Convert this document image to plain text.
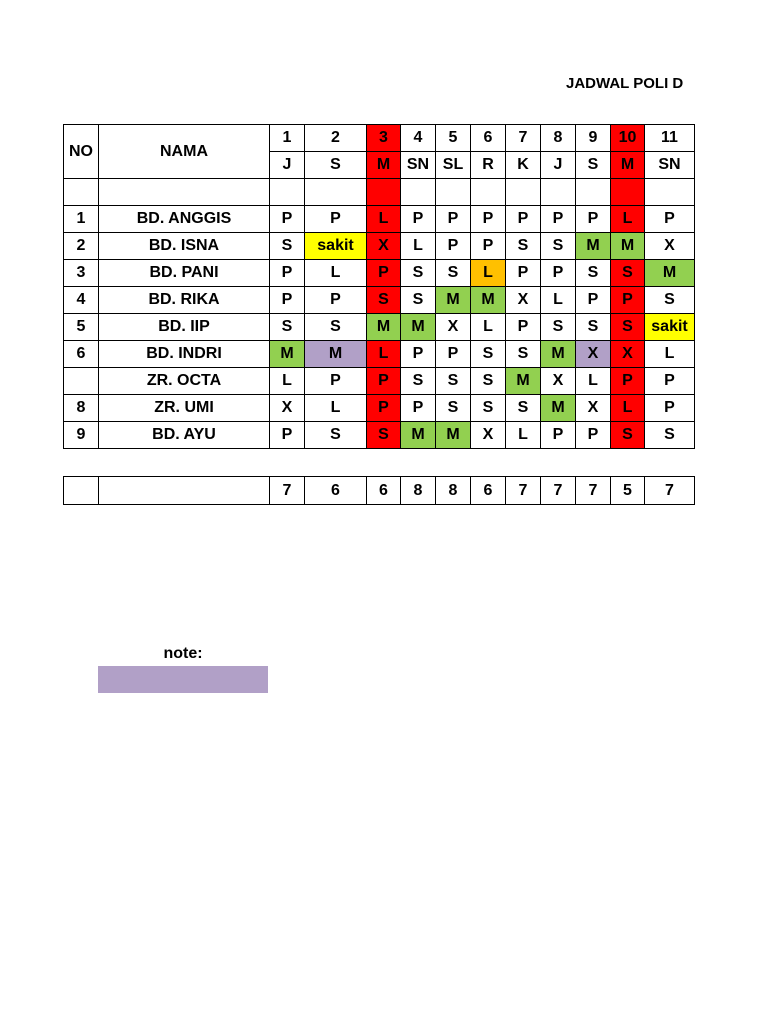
JADWAL POLI D
NO	NAMA	1	2	3	4	5	6	7	8	9	10	11
		J	S	M	SN	SL	R	K	J	S	M	SN

1	BD. ANGGIS	P	P	L	P	P	P	P	P	P	L	P
2	BD. ISNA	S	sakit	X	L	P	P	S	S	M	M	X
3	BD. PANI	P	L	P	S	S	L	P	P	S	S	M
4	BD. RIKA	P	P	S	S	M	M	X	L	P	P	S
5	BD. IIP	S	S	M	M	X	L	P	S	S	S	sakit
6	BD. INDRI	M	M	L	P	P	S	S	M	X	X	L
	ZR. OCTA	L	P	P	S	S	S	M	X	L	P	P
8	ZR. UMI	X	L	P	P	S	S	S	M	X	L	P
9	BD. AYU	P	S	S	M	M	X	L	P	P	S	S
		7	6	6	8	8	6	7	7	7	5	7
note:
